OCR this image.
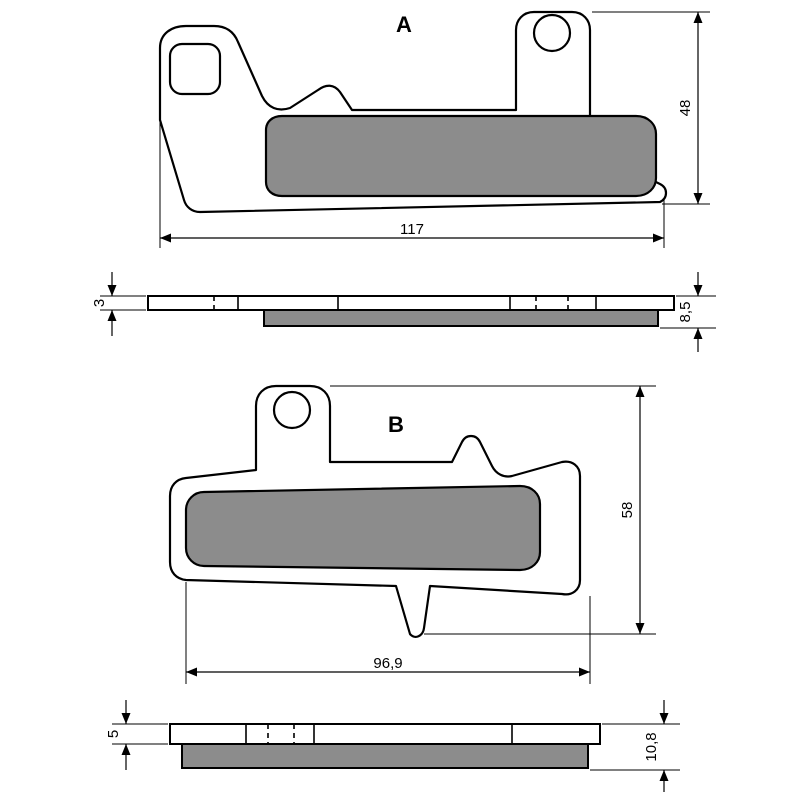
48
117
A
3	8,5
58
96,9
B
5	10,8
